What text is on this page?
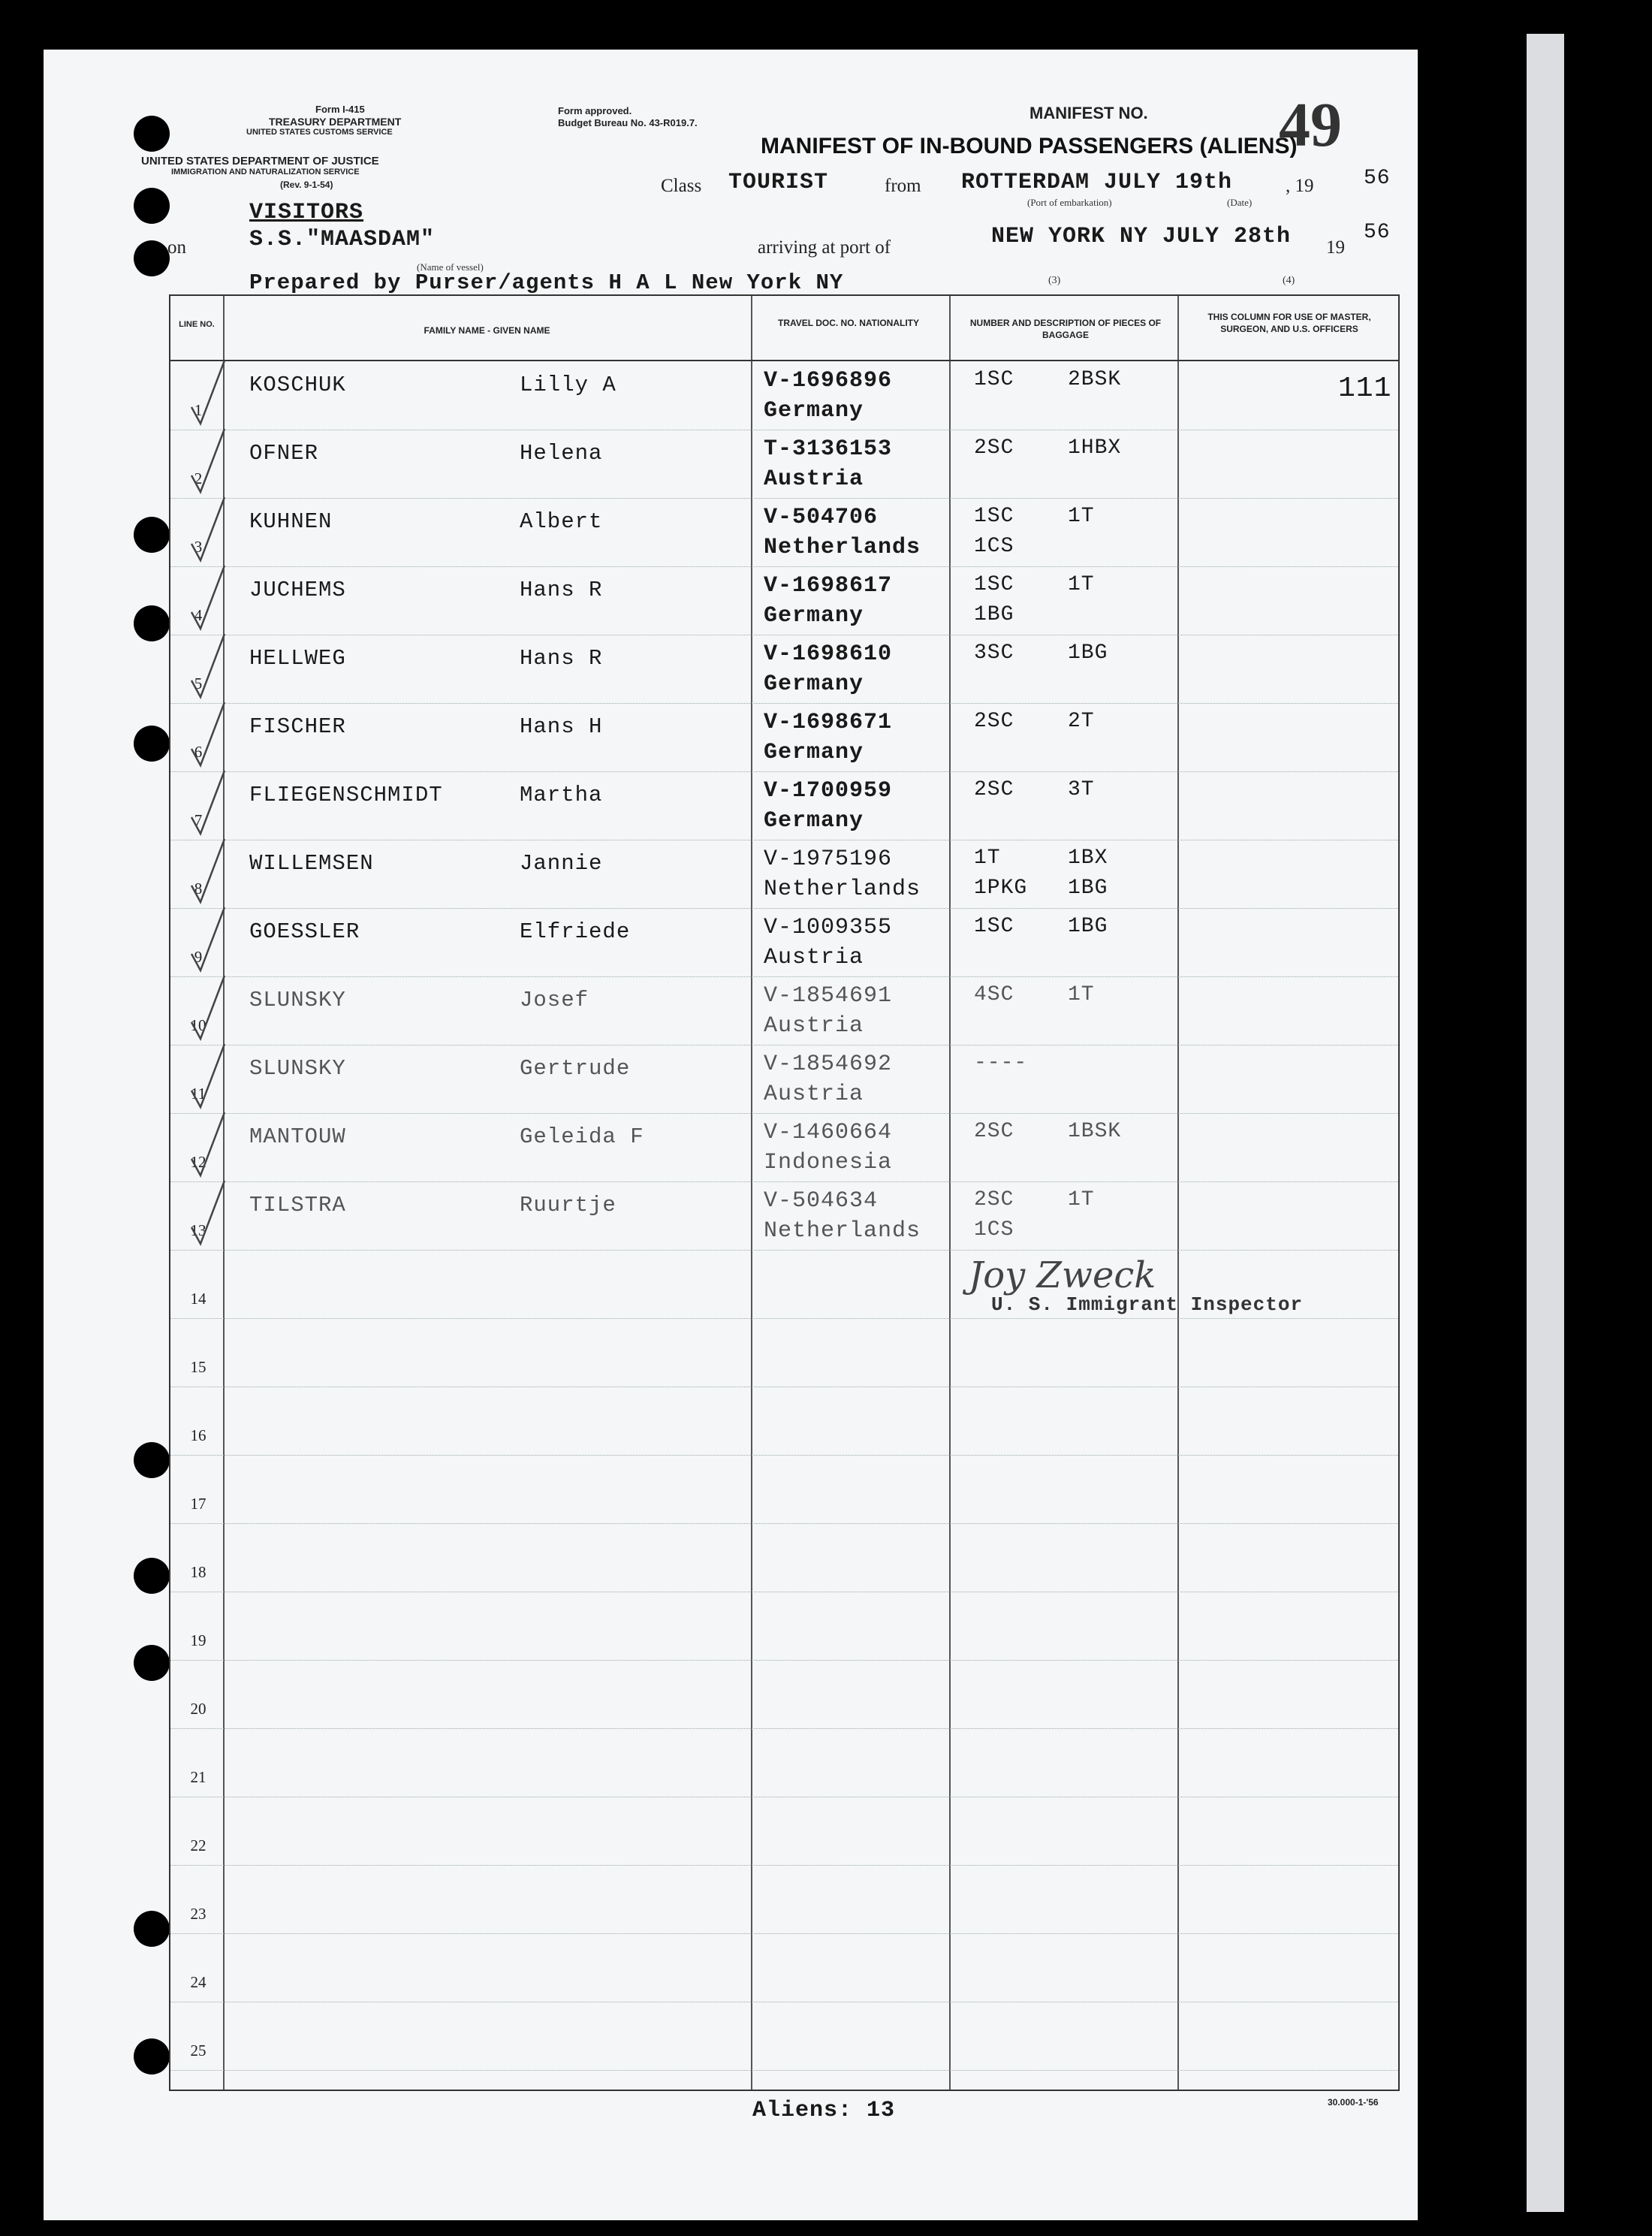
Form I-415
TREASURY DEPARTMENT
UNITED STATES CUSTOMS SERVICE
UNITED STATES DEPARTMENT OF JUSTICE
IMMIGRATION AND NATURALIZATION SERVICE
(Rev. 9-1-54)
Form approved.
Budget Bureau No. 43-R019.7.
MANIFEST NO. 49
MANIFEST OF IN-BOUND PASSENGERS (ALIENS)
Class TOURIST	from ROTTERDAM JULY 19th
(Port of embarkation)	(Date)
, 19 56
VISITORS
S.S."MAASDAM"
on
(Name of vessel)
arriving at port of	NEW YORK NY JULY 28th 19
56
Prepared by Purser/agents H A L New York NY	(3)	(4)
LINE NO.
FAMILY NAME - GIVEN NAME
TRAVEL DOC. NO. NATIONALITY	NUMBER AND DESCRIPTION OF PIECES OF BAGGAGE
THIS COLUMN FOR USE OF MASTER, SURGEON, AND U.S. OFFICERS
1
KOSCHUK	Lilly A	V-1696896
Germany
1SC	2BSK	111
2
OFNER	Helena	T-3136153
Austria
2SC	1HBX
3
KUHNEN	Albert	V-504706
Netherlands
1SC	1T
1CS
4
JUCHEMS	Hans R	V-1698617
Germany
1SC	1T
1BG
5
HELLWEG	Hans R	V-1698610
Germany
3SC	1BG
6
FISCHER	Hans H	V-1698671
Germany
2SC	2T
7
FLIEGENSCHMIDT	Martha	V-1700959
Germany
2SC	3T
8
WILLEMSEN	Jannie	V-1975196
Netherlands
1T	1BX
1PKG 1BG
9
GOESSLER	Elfriede	V-1009355
Austria
1SC	1BG
10
SLUNSKY	Josef	V-1854691
Austria
4SC	1T
11
SLUNSKY	Gertrude	V-1854692
Austria
----
12
MANTOUW	Geleida F	V-1460664
Indonesia
2SC	1BSK
13
TILSTRA	Ruurtje	V-504634
Netherlands
2SC	1T
1CS
14
15
16
17
18
19
20
21
22
23
24
25
Joy Zweck
U. S. Immigrant Inspector
Aliens: 13	30.000-1-'56
